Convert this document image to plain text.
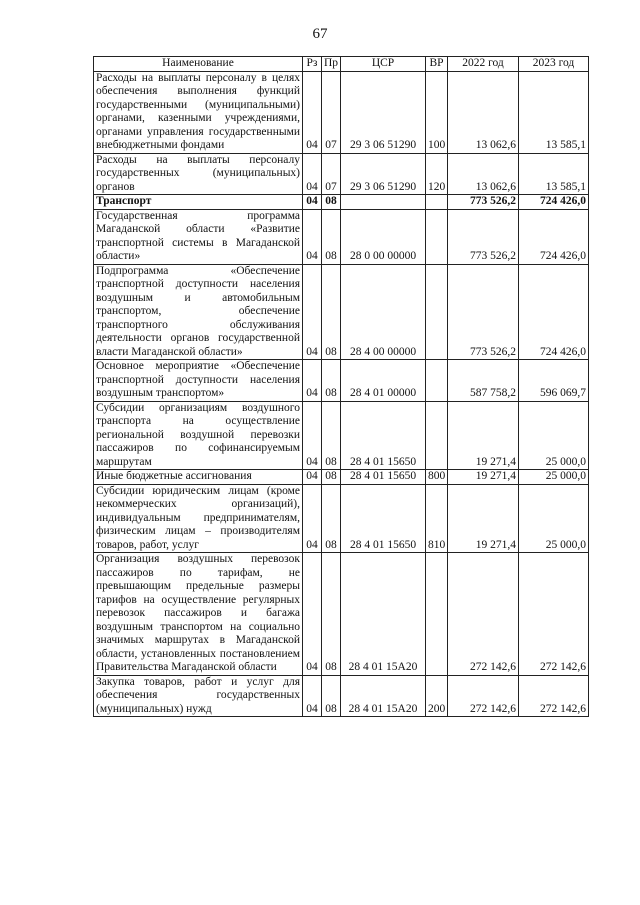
67
Наименование	Рз	Пр	ЦСР	ВР	2022 год	2023 год
Расходы на выплаты персоналу в целях обеспечения выполнения функций государственными (муниципальными) органами, казенными учреждениями, органами управления государственными внебюджетными фондами	04	07	29 3 06 51290	100	13 062,6	13 585,1
Расходы на выплаты персоналу государственных (муниципальных) органов	04	07	29 3 06 51290	120	13 062,6	13 585,1
Транспорт	04	08			773 526,2	724 426,0
Государственная программа Магаданской области «Развитие транспортной системы в Магаданской области»	04	08	28 0 00 00000		773 526,2	724 426,0
Подпрограмма «Обеспечение транспортной доступности населения воздушным и автомобильным транспортом, обеспечение транспортного обслуживания деятельности органов государственной власти Магаданской области»	04	08	28 4 00 00000		773 526,2	724 426,0
Основное мероприятие «Обеспечение транспортной доступности населения воздушным транспортом»	04	08	28 4 01 00000		587 758,2	596 069,7
Субсидии организациям воздушного транспорта на осуществление региональной воздушной перевозки пассажиров по софинансируемым маршрутам	04	08	28 4 01 15650		19 271,4	25 000,0
Иные бюджетные ассигнования	04	08	28 4 01 15650	800	19 271,4	25 000,0
Субсидии юридическим лицам (кроме некоммерческих организаций), индивидуальным предпринимателям, физическим лицам – производителям товаров, работ, услуг	04	08	28 4 01 15650	810	19 271,4	25 000,0
Организация воздушных перевозок пассажиров по тарифам, не превышающим предельные размеры тарифов на осуществление регулярных перевозок пассажиров и багажа воздушным транспортом на социально значимых маршрутах в Магаданской области, установленных постановлением Правительства Магаданской области	04	08	28 4 01 15А20		272 142,6	272 142,6
Закупка товаров, работ и услуг для обеспечения государственных (муниципальных) нужд	04	08	28 4 01 15А20	200	272 142,6	272 142,6
